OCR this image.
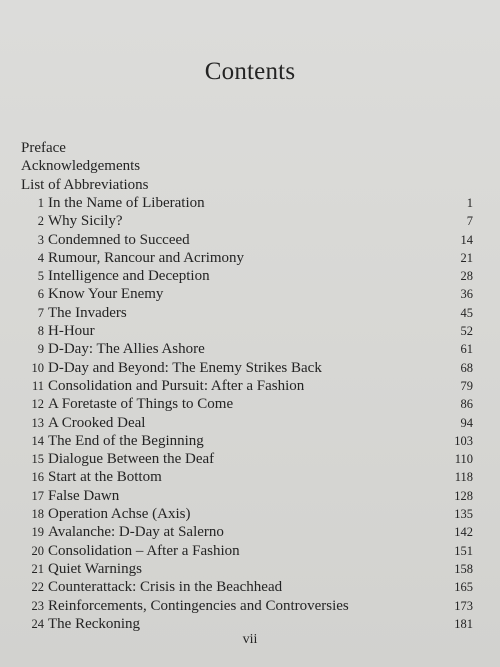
Contents
Preface
Acknowledgements
List of Abbreviations
1 In the Name of Liberation	1
2 Why Sicily?	7
3 Condemned to Succeed	14
4 Rumour, Rancour and Acrimony	21
5 Intelligence and Deception	28
6 Know Your Enemy	36
7 The Invaders	45
8 H-Hour	52
9 D-Day: The Allies Ashore	61
10 D-Day and Beyond: The Enemy Strikes Back	68
11 Consolidation and Pursuit: After a Fashion	79
12 A Foretaste of Things to Come	86
13 A Crooked Deal	94
14 The End of the Beginning	103
15 Dialogue Between the Deaf	110
16 Start at the Bottom	118
17 False Dawn	128
18 Operation Achse (Axis)	135
19 Avalanche: D-Day at Salerno	142
20 Consolidation – After a Fashion	151
21 Quiet Warnings	158
22 Counterattack: Crisis in the Beachhead	165
23 Reinforcements, Contingencies and Controversies	173
24 The Reckoning	181
vii
